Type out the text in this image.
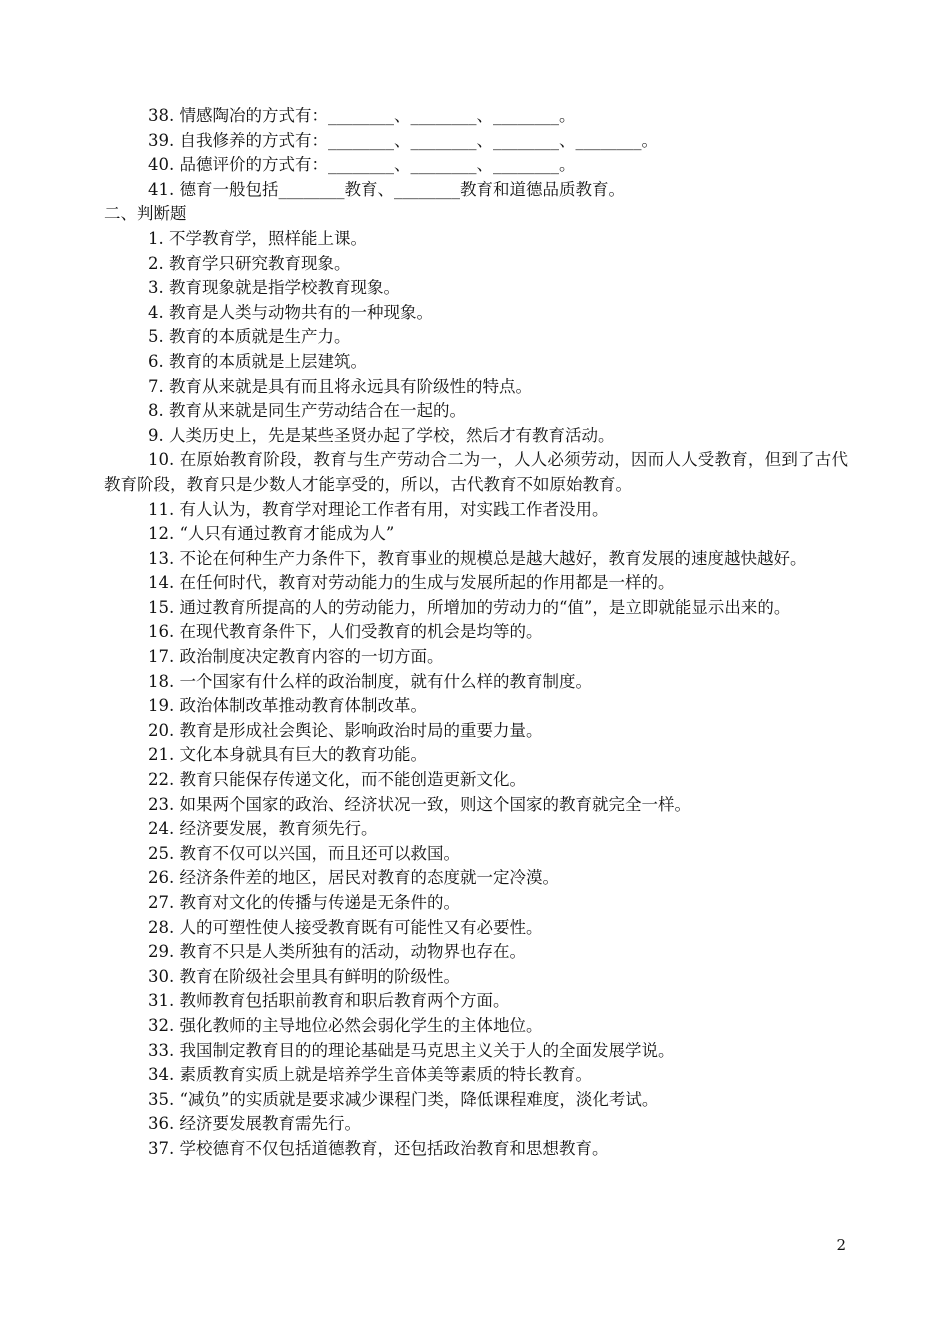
38. 情感陶冶的方式有：________、________、________。
39. 自我修养的方式有：________、________、________、________。
40. 品德评价的方式有：________、________、________。
41. 德育一般包括________教育、________教育和道德品质教育。
二、判断题
1. 不学教育学，照样能上课。
2. 教育学只研究教育现象。
3. 教育现象就是指学校教育现象。
4. 教育是人类与动物共有的一种现象。
5. 教育的本质就是生产力。
6. 教育的本质就是上层建筑。
7. 教育从来就是具有而且将永远具有阶级性的特点。
8. 教育从来就是同生产劳动结合在一起的。
9. 人类历史上，先是某些圣贤办起了学校，然后才有教育活动。
10. 在原始教育阶段，教育与生产劳动合二为一，人人必须劳动，因而人人受教育，但到了古代教育阶段，教育只是少数人才能享受的，所以，古代教育不如原始教育。
11. 有人认为，教育学对理论工作者有用，对实践工作者没用。
12. “人只有通过教育才能成为人”
13. 不论在何种生产力条件下，教育事业的规模总是越大越好，教育发展的速度越快越好。
14. 在任何时代，教育对劳动能力的生成与发展所起的作用都是一样的。
15. 通过教育所提高的人的劳动能力，所增加的劳动力的“值”，是立即就能显示出来的。
16. 在现代教育条件下，人们受教育的机会是均等的。
17. 政治制度决定教育内容的一切方面。
18. 一个国家有什么样的政治制度，就有什么样的教育制度。
19. 政治体制改革推动教育体制改革。
20. 教育是形成社会舆论、影响政治时局的重要力量。
21. 文化本身就具有巨大的教育功能。
22. 教育只能保存传递文化，而不能创造更新文化。
23. 如果两个国家的政治、经济状况一致，则这个国家的教育就完全一样。
24. 经济要发展，教育须先行。
25. 教育不仅可以兴国，而且还可以救国。
26. 经济条件差的地区，居民对教育的态度就一定冷漠。
27. 教育对文化的传播与传递是无条件的。
28. 人的可塑性使人接受教育既有可能性又有必要性。
29. 教育不只是人类所独有的活动，动物界也存在。
30. 教育在阶级社会里具有鲜明的阶级性。
31. 教师教育包括职前教育和职后教育两个方面。
32. 强化教师的主导地位必然会弱化学生的主体地位。
33. 我国制定教育目的的理论基础是马克思主义关于人的全面发展学说。
34. 素质教育实质上就是培养学生音体美等素质的特长教育。
35. “减负”的实质就是要求减少课程门类，降低课程难度，淡化考试。
36. 经济要发展教育需先行。
37. 学校德育不仅包括道德教育，还包括政治教育和思想教育。
2
